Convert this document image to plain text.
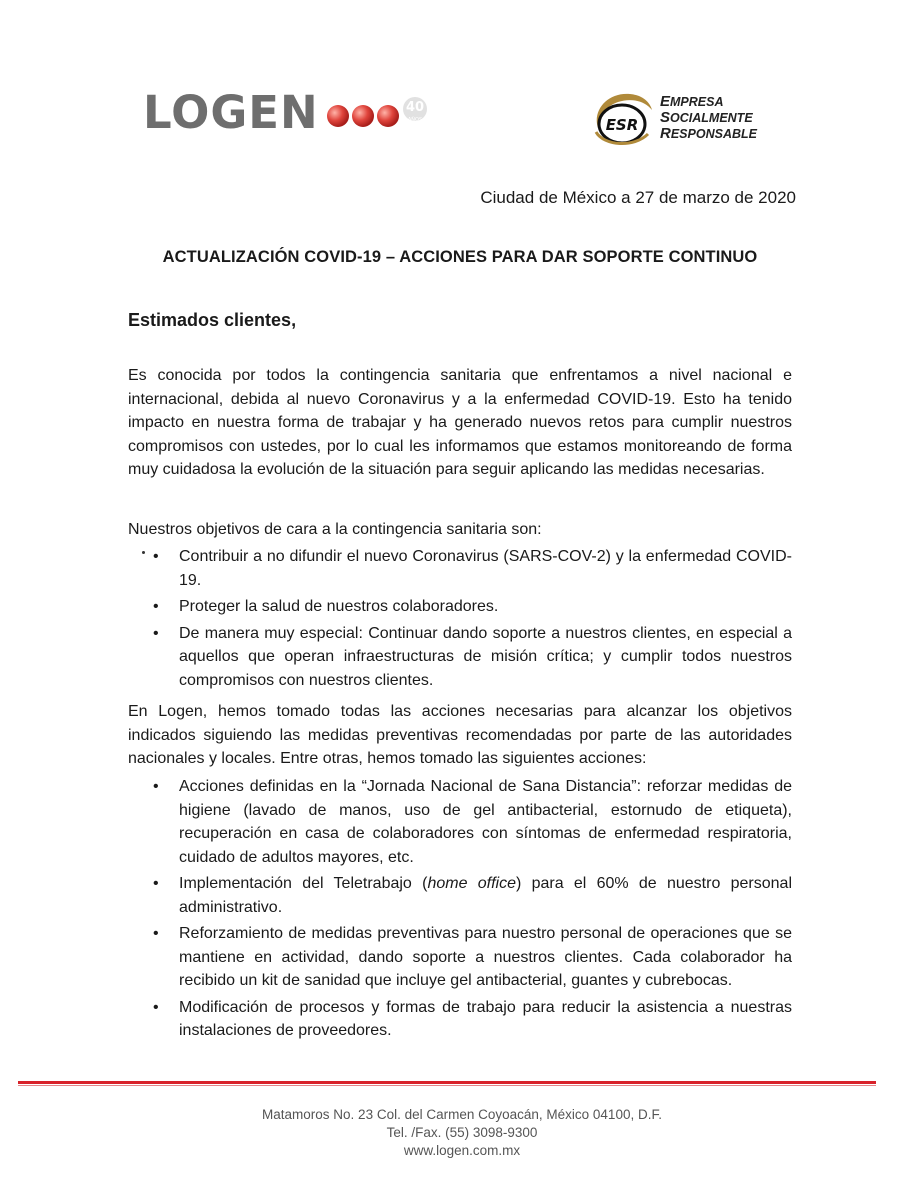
LOGEN	40
AÑOS	ESR
EMPRESA
SOCIALMENTE
RESPONSABLE
Ciudad de México a 27 de marzo de 2020
ACTUALIZACIÓN COVID-19 – ACCIONES PARA DAR SOPORTE CONTINUO
Estimados clientes,
Es conocida por todos la contingencia sanitaria que enfrentamos a nivel nacional e internacional, debida al nuevo Coronavirus y a la enfermedad COVID-19. Esto ha tenido impacto en nuestra forma de trabajar y ha generado nuevos retos para cumplir nuestros compromisos con ustedes, por lo cual les informamos que estamos monitoreando de forma muy cuidadosa la evolución de la situación para seguir aplicando las medidas necesarias.
Nuestros objetivos de cara a la contingencia sanitaria son:
• Contribuir a no difundir el nuevo Coronavirus (SARS-COV-2) y la enfermedad COVID-19.
• Proteger la salud de nuestros colaboradores.
• De manera muy especial: Continuar dando soporte a nuestros clientes, en especial a aquellos que operan infraestructuras de misión crítica; y cumplir todos nuestros compromisos con nuestros clientes.
En Logen, hemos tomado todas las acciones necesarias para alcanzar los objetivos indicados siguiendo las medidas preventivas recomendadas por parte de las autoridades nacionales y locales. Entre otras, hemos tomado las siguientes acciones:
• Acciones definidas en la “Jornada Nacional de Sana Distancia”: reforzar medidas de higiene (lavado de manos, uso de gel antibacterial, estornudo de etiqueta), recuperación en casa de colaboradores con síntomas de enfermedad respiratoria, cuidado de adultos mayores, etc.
• Implementación del Teletrabajo (home office) para el 60% de nuestro personal administrativo.
• Reforzamiento de medidas preventivas para nuestro personal de operaciones que se mantiene en actividad, dando soporte a nuestros clientes. Cada colaborador ha recibido un kit de sanidad que incluye gel antibacterial, guantes y cubrebocas.
• Modificación de procesos y formas de trabajo para reducir la asistencia a nuestras instalaciones de proveedores.
Matamoros No. 23 Col. del Carmen Coyoacán, México 04100, D.F.
Tel. /Fax. (55) 3098-9300
www.logen.com.mx
